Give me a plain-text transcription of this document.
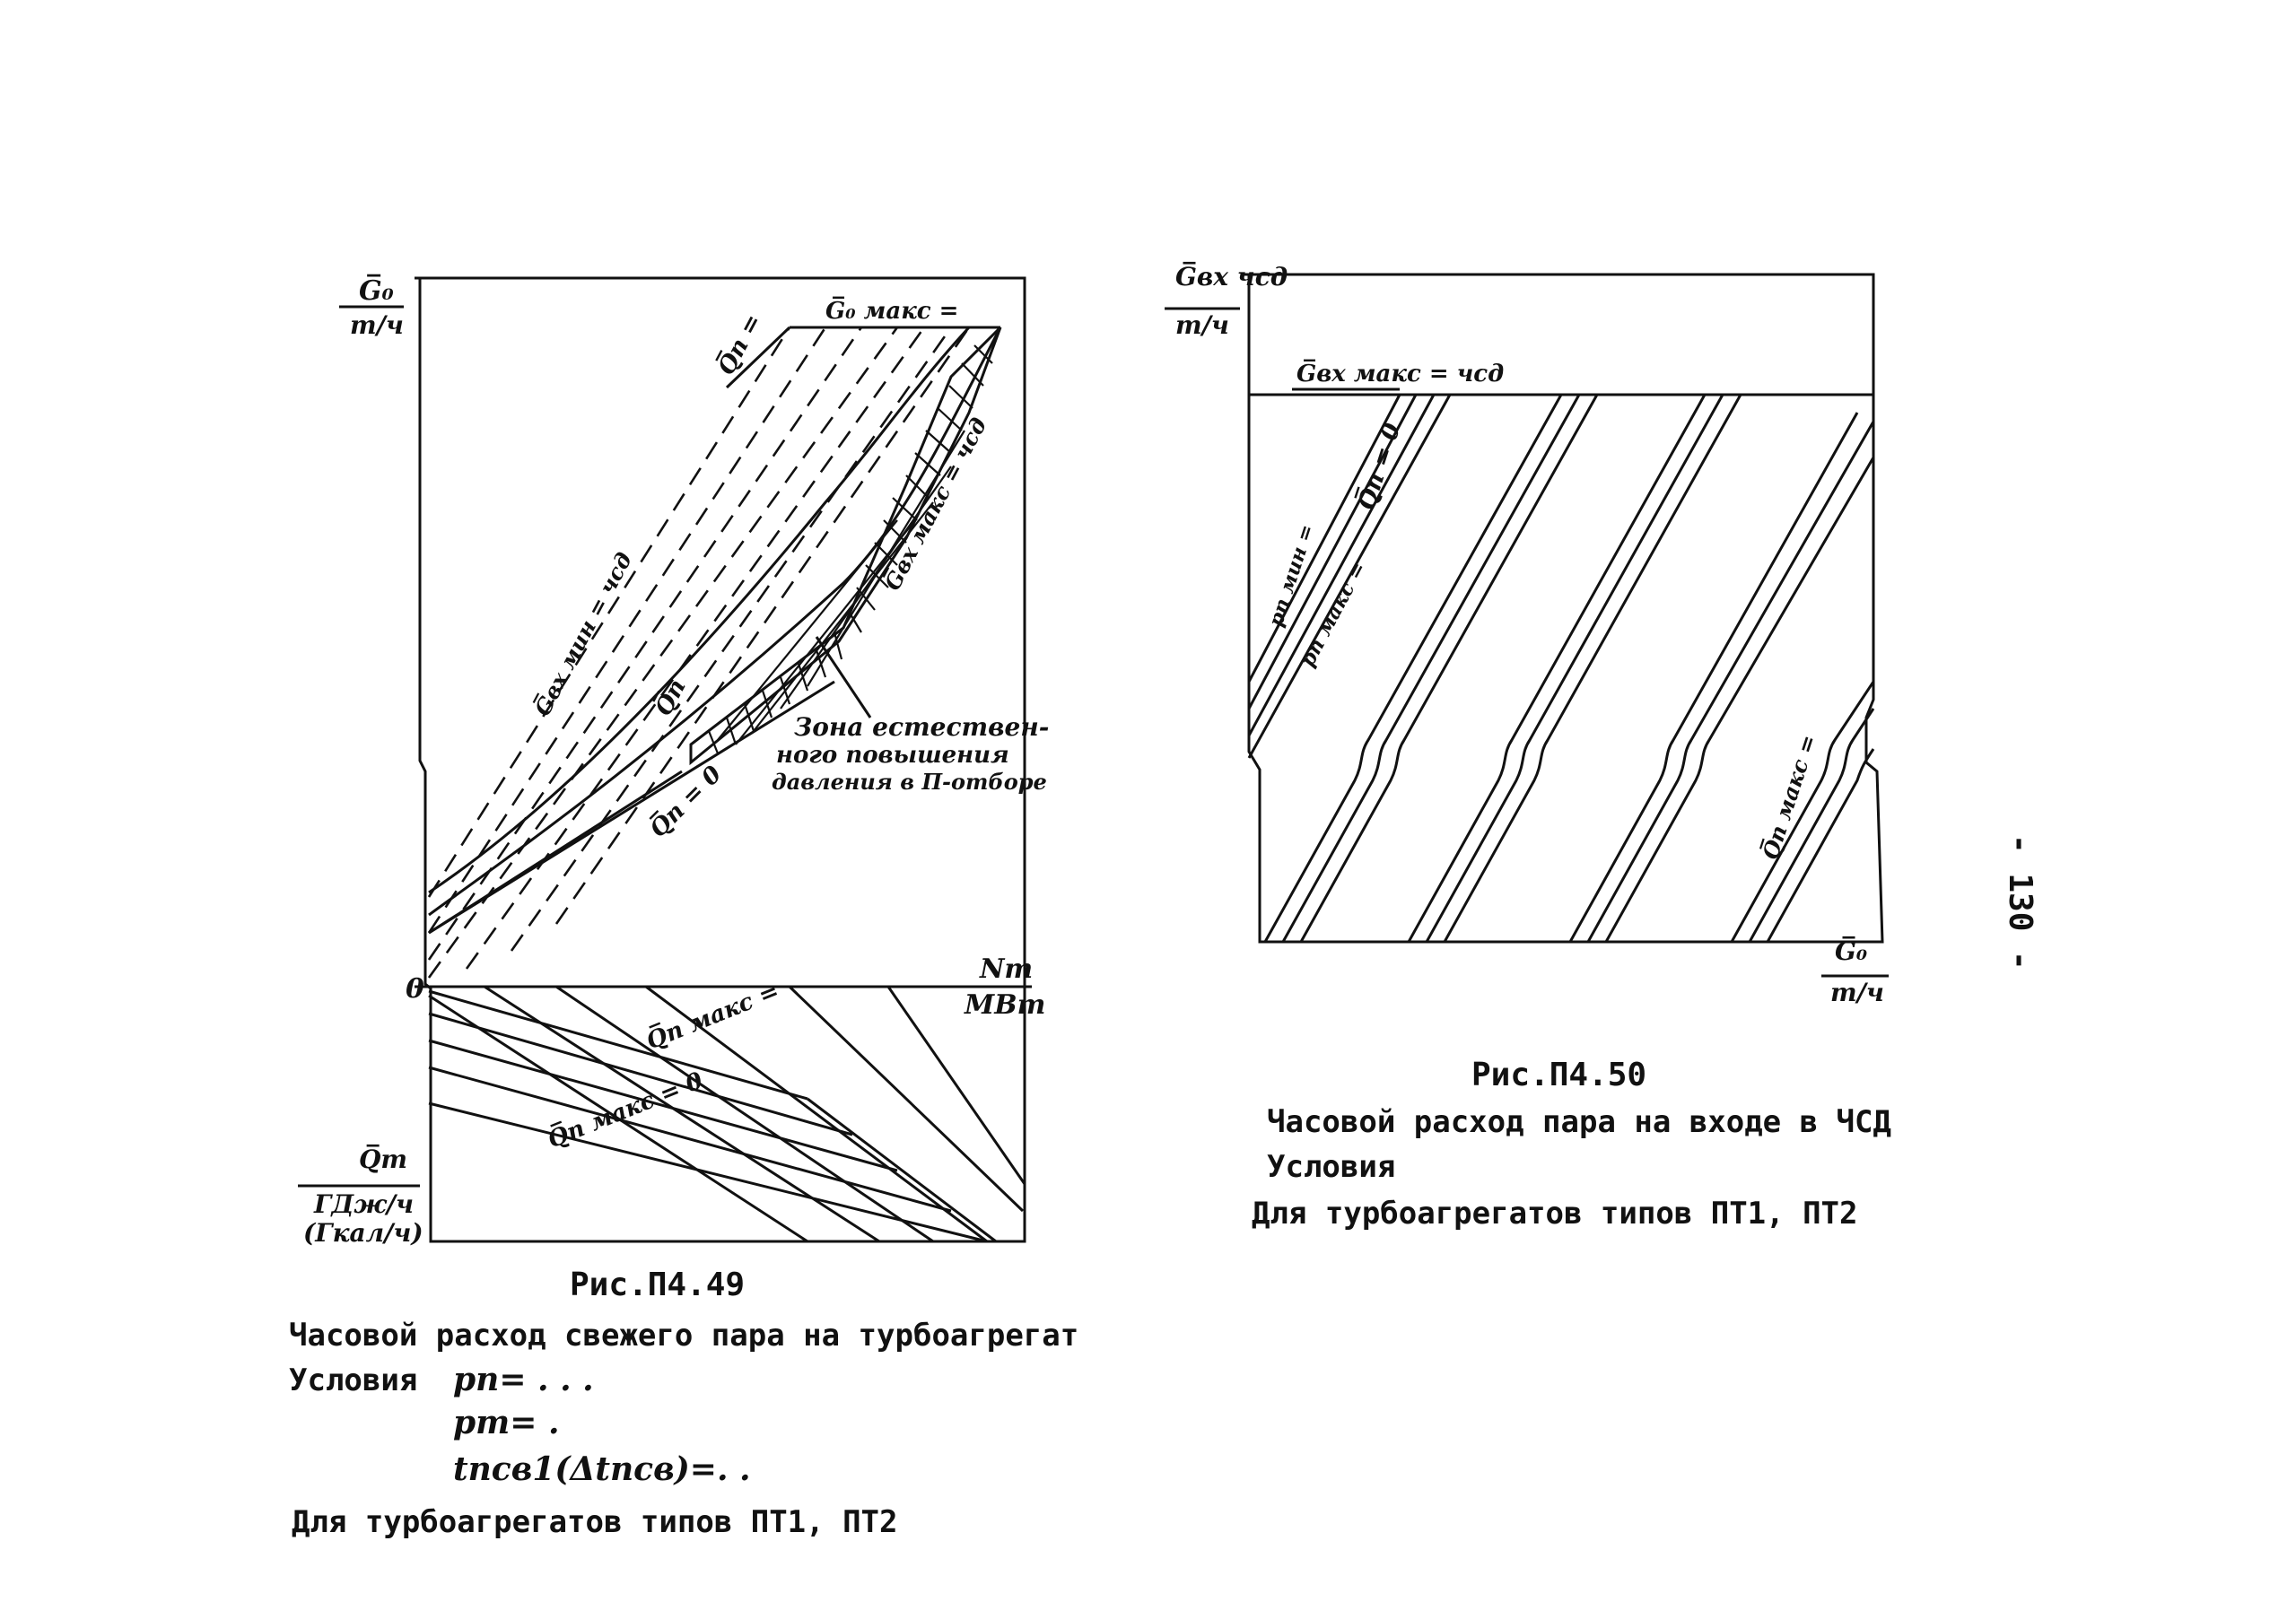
G̅₀
т/ч
0
Nт
МВт
Q̅т
ГДж/ч
(Гкал/ч)
G̅₀ макс =
Q̅п =
Q̅п
Q̅п = 0
G̅вх мин = чсд
G̅вх макс = чсд
Зона естествен-
ного повышения
давления в П-отборе
Q̅п макс =
Q̅п макс = 0
Рис.П4.49
Часовой расход свежего пара на турбоагрегат
Условия pп= . . .
pт= .
tпсв1(Δtпсв)=. .
Для турбоагрегатов типов ПТ1, ПТ2
G̅вх чсд
т/ч
G̅вх макс = чсд
G̅₀
т/ч
Q̅п = 0
pп мин =
pп макс =
Q̅п макс =
Рис.П4.50
Часовой расход пара на входе в ЧСД
Условия
Для турбоагрегатов типов ПТ1, ПТ2
- 130 -
